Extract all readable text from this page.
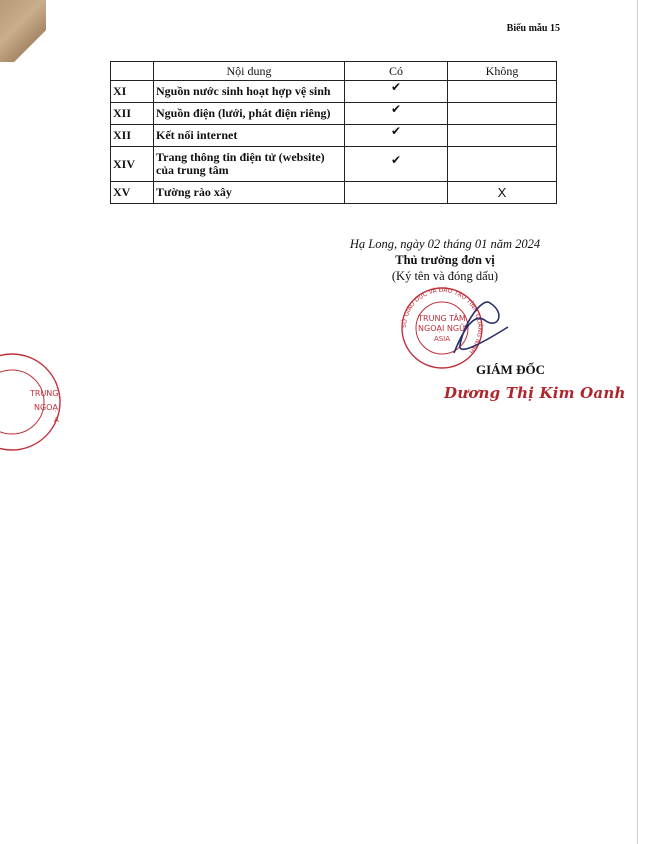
Biểu mẫu 15
	Nội dung	Có	Không
XI	Nguồn nước sinh hoạt hợp vệ sinh	✔	
XII	Nguồn điện (lưới, phát điện riêng)	✔	
XII	Kết nối internet	✔	
XIV	Trang thông tin điện tử (website) của trung tâm	✔	
XV	Tường rào xây		X
Hạ Long, ngày 02 tháng 01 năm 2024
Thủ trưởng đơn vị
(Ký tên và đóng dấu)
SỞ GIÁO DỤC VÀ ĐÀO TẠO TỈNH QUẢNG NINH
TRUNG TÂM
NGOẠI NGỮ
ASIA
GIÁM ĐỐC
Dương Thị Kim Oanh
TRUNG
NGOẠ
A
